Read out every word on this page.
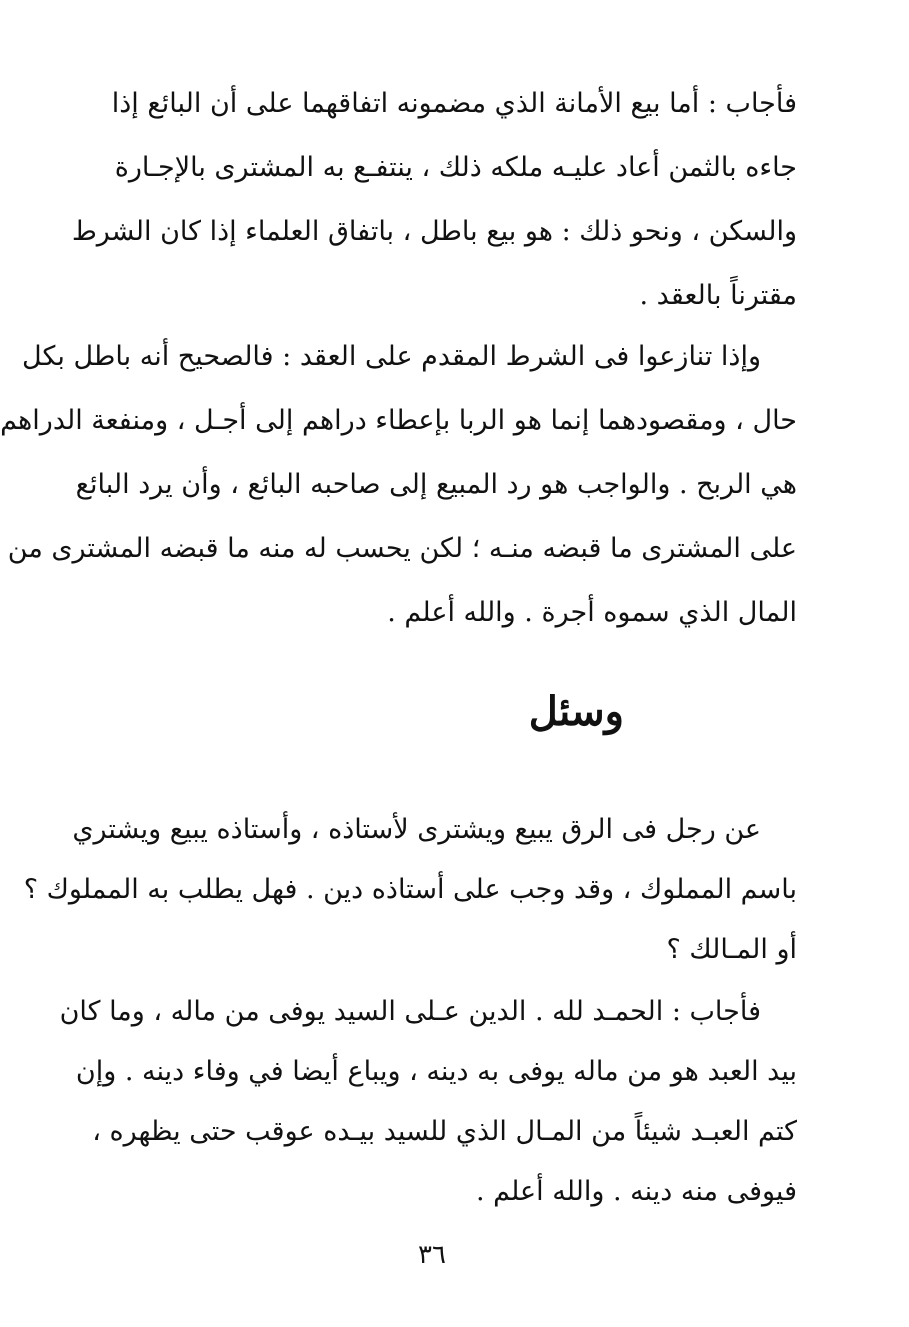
فأجاب : أما بيع الأمانة الذي مضمونه اتفاقهما على أن البائع إذا
جاءه بالثمن أعاد عليـه ملكه ذلك ، ينتفـع به المشترى بالإجـارة
والسكن ، ونحو ذلك : هو بيع باطل ، باتفاق العلماء إذا كان الشرط
مقترناً بالعقد .

وإذا تنازعوا فى الشرط المقدم على العقد : فالصحيح أنه باطل بكل
حال ، ومقصودهما إنما هو الربا بإعطاء دراهم إلى أجـل ، ومنفعة الدراهم
هي الربح . والواجب هو رد المبيع إلى صاحبه البائع ، وأن يرد البائع
على المشترى ما قبضه منـه ؛ لكن يحسب له منه ما قبضه المشترى من
المال الذي سموه أجرة . والله أعلم .

وسئل

عن رجل فى الرق يبيع ويشترى لأستاذه ، وأستاذه يبيع ويشتري
باسم المملوك ، وقد وجب على أستاذه دين . فهل يطلب به المملوك ؟
أو المـالك ؟

فأجاب : الحمـد لله . الدين عـلى السيد يوفى من ماله ، وما كان
بيد العبد هو من ماله يوفى به دينه ، ويباع أيضا في وفاء دينه . وإن
كتم العبـد شيئاً من المـال الذي للسيد بيـده عوقب حتى يظهره ،
فيوفى منه دينه . والله أعلم .

٣٦
